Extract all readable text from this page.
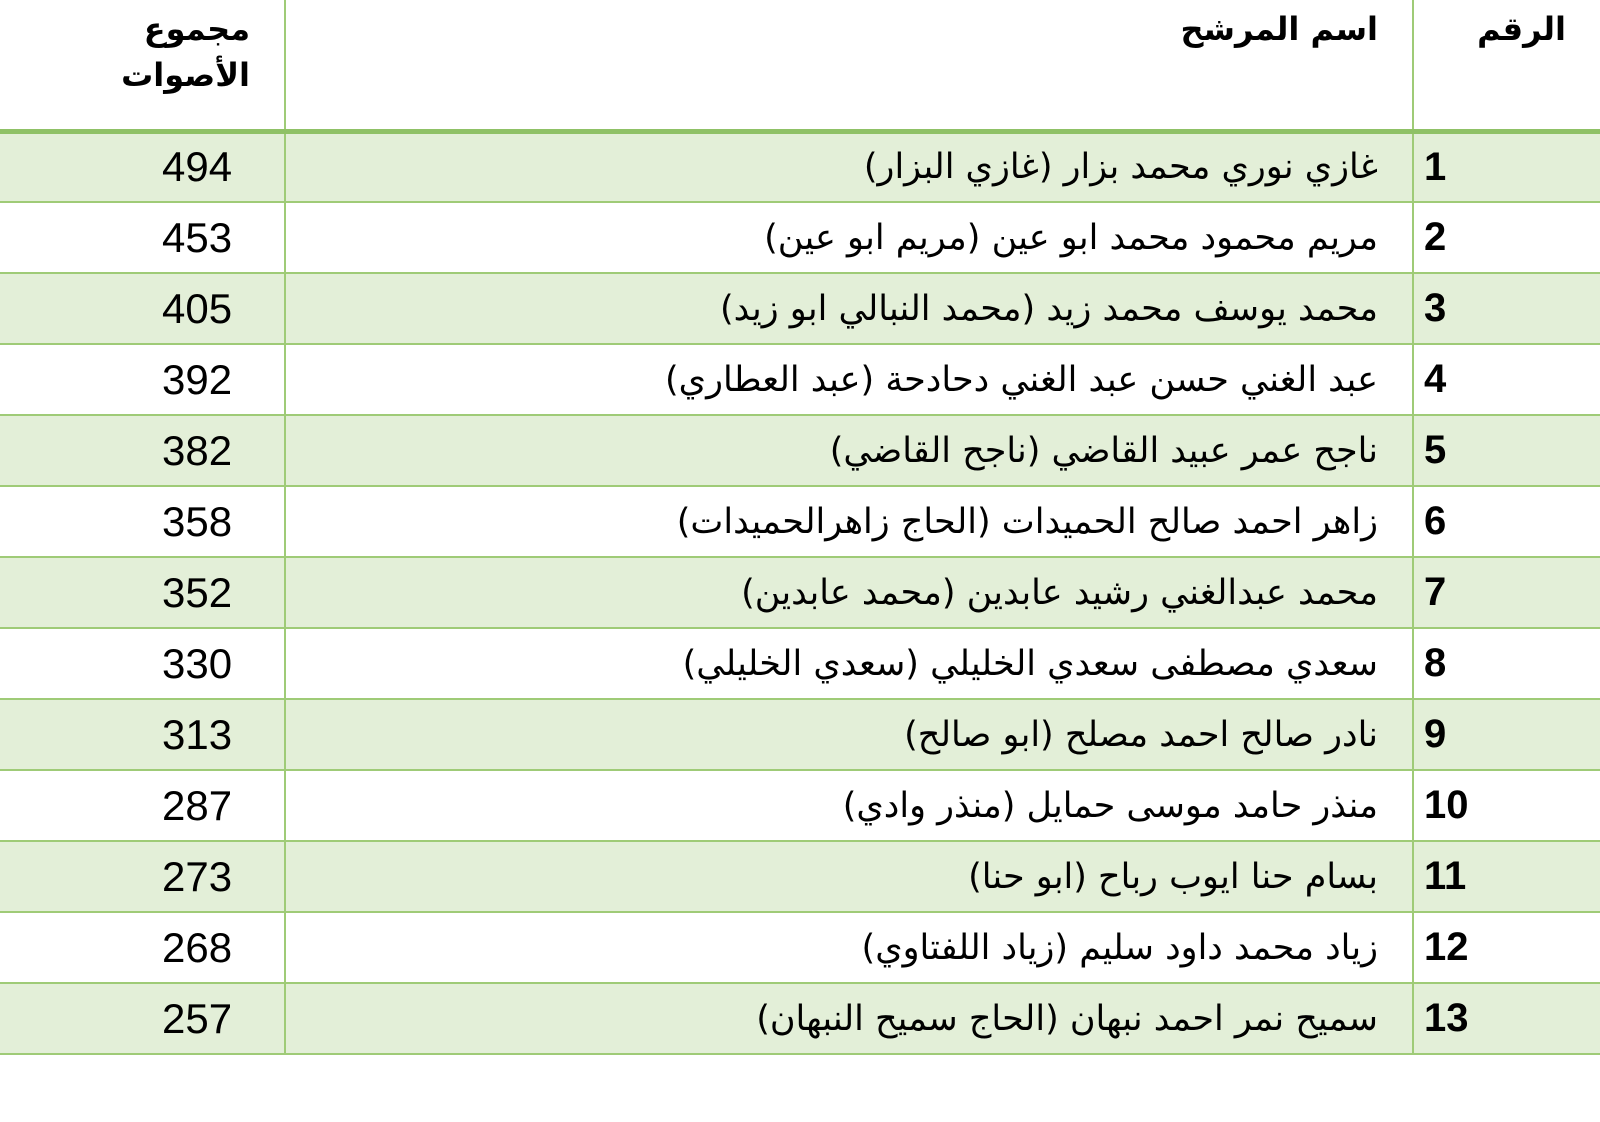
الرقم	اسم المرشح	مجموع
الأصوات
1	غازي نوري محمد بزار (غازي البزار)	494
2	مريم محمود محمد ابو عين (مريم ابو عين)	453
3	محمد يوسف محمد زيد (محمد النبالي ابو زيد)	405
4	عبد الغني حسن عبد الغني دحادحة (عبد العطاري)	392
5	ناجح عمر عبيد القاضي (ناجح القاضي)	382
6	زاهر احمد صالح الحميدات (الحاج زاهرالحميدات)	358
7	محمد عبدالغني رشيد عابدين (محمد عابدين)	352
8	سعدي مصطفى سعدي الخليلي (سعدي الخليلي)	330
9	نادر صالح احمد مصلح (ابو صالح)	313
10	منذر حامد موسى حمايل (منذر وادي)	287
11	بسام حنا ايوب رباح (ابو حنا)	273
12	زياد محمد داود سليم (زياد اللفتاوي)	268
13	سميح نمر احمد نبهان (الحاج سميح النبهان)	257
